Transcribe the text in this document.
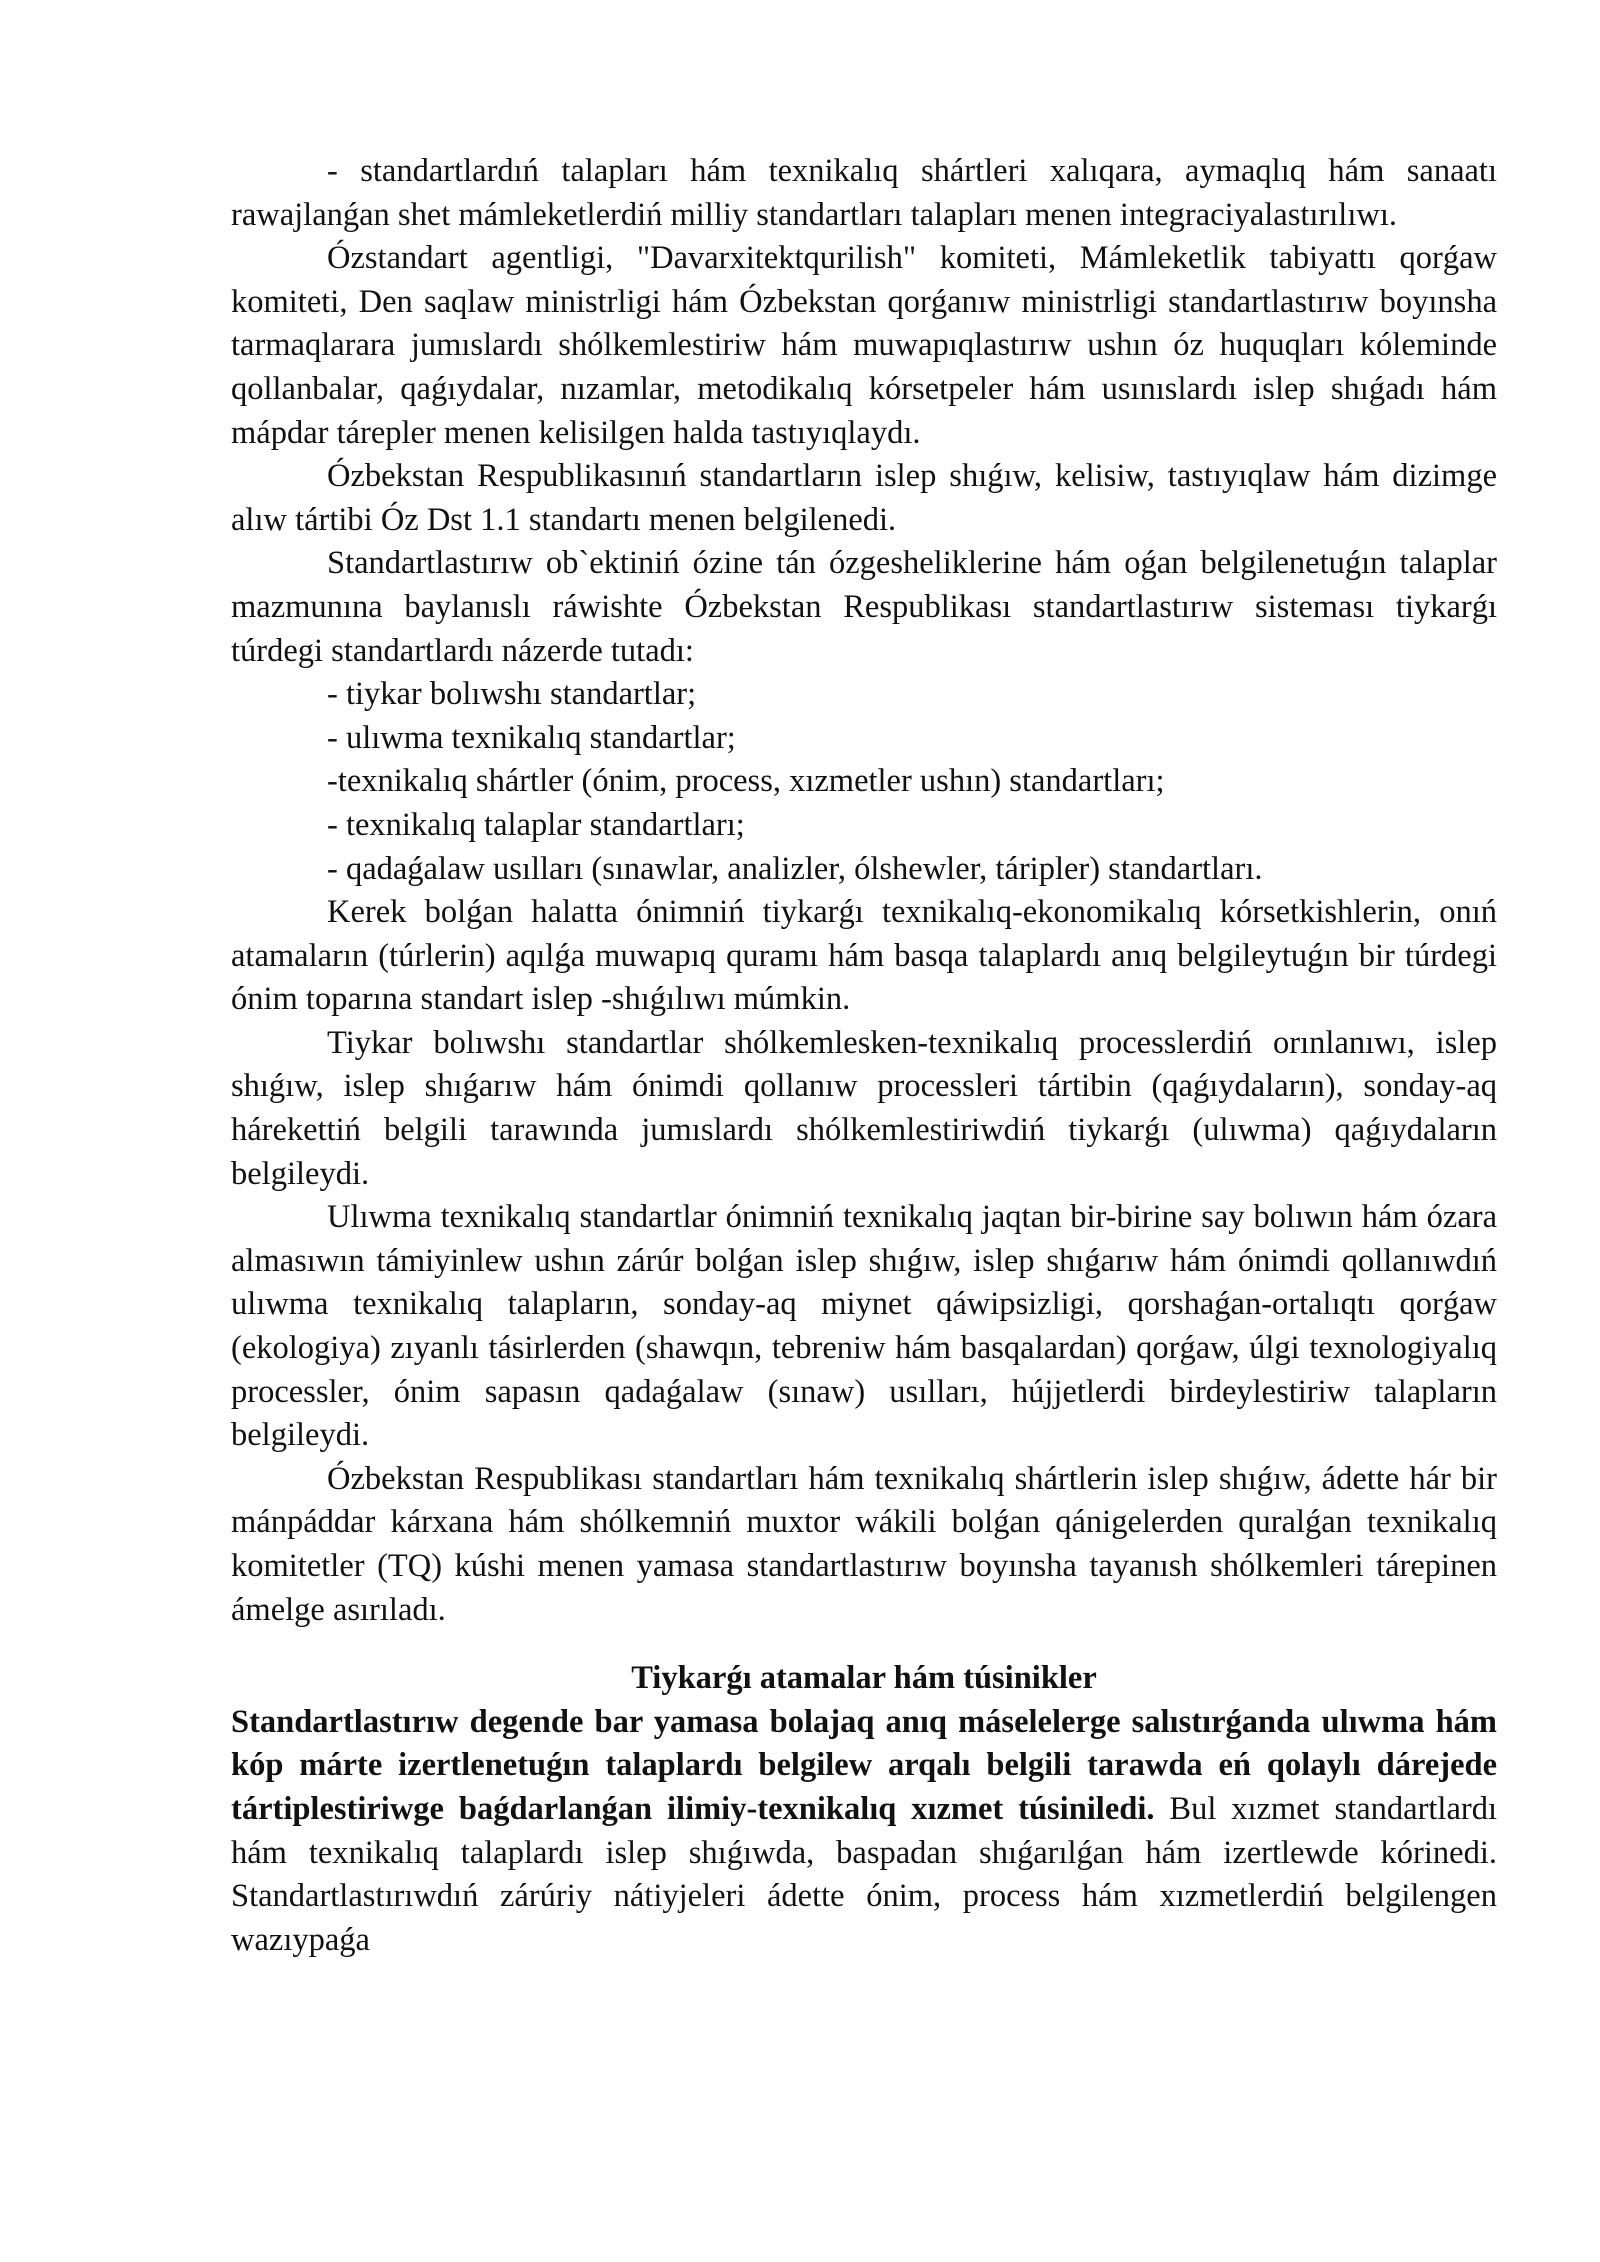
- standartlardıń talapları hám texnikalıq shártleri xalıqara, aymaqlıq hám sanaatı rawajlanǵan shet mámleketlerdiń milliy standartları talapları menen integraciyalastırılıwı.

Ózstandart agentligi, "Davarxitektqurilish" komiteti, Mámleketlik tabiyattı qorǵaw komiteti, Den saqlaw ministrligi hám Ózbekstan qorǵanıw ministrligi standartlastırıw boyınsha tarmaqlarara jumıslardı shólkemlestiriw hám muwapıqlastırıw ushın óz huquqları kóleminde qollanbalar, qaǵıydalar, nızamlar, metodikalıq kórsetpeler hám usınıslardı islep shıǵadı hám mápdar tárepler menen kelisilgen halda tastıyıqlaydı.

Ózbekstan Respublikasınıń standartların islep shıǵıw, kelisiw, tastıyıqlaw hám dizimge alıw tártibi Óz Dst 1.1 standartı menen belgilenedi.

Standartlastırıw ob`ektiniń ózine tán ózgesheliklerine hám oǵan belgilenetuǵın talaplar mazmunına baylanıslı ráwishte Ózbekstan Respublikası standartlastırıw sisteması tiykarǵı túrdegi standartlardı názerde tutadı:

- tiykar bolıwshı standartlar;

- ulıwma texnikalıq standartlar;

-texnikalıq shártler (ónim, process, xızmetler ushın) standartları;

- texnikalıq talaplar standartları;

- qadaǵalaw usılları (sınawlar, analizler, ólshewler, táripler) standartları.

Kerek bolǵan halatta ónimniń tiykarǵı texnikalıq-ekonomikalıq kórsetkishlerin, onıń atamaların (túrlerin) aqılǵa muwapıq quramı hám basqa talaplardı anıq belgileytuǵın bir túrdegi ónim toparına standart islep -shıǵılıwı múmkin.

Tiykar bolıwshı standartlar shólkemlesken-texnikalıq processlerdiń orınlanıwı, islep shıǵıw, islep shıǵarıw hám ónimdi qollanıw processleri tártibin (qaǵıydaların), sonday-aq hárekettiń belgili tarawında jumıslardı shólkemlestiriwdiń tiykarǵı (ulıwma) qaǵıydaların belgileydi.

Ulıwma texnikalıq standartlar ónimniń texnikalıq jaqtan bir-birine say bolıwın hám ózara almasıwın támiyinlew ushın zárúr bolǵan islep shıǵıw, islep shıǵarıw hám ónimdi qollanıwdıń ulıwma texnikalıq talapların, sonday-aq miynet qáwipsizligi, qorshaǵan-ortalıqtı qorǵaw (ekologiya) zıyanlı tásirlerden (shawqın, tebreniw hám basqalardan) qorǵaw, úlgi texnologiyalıq processler, ónim sapasın qadaǵalaw (sınaw) usılları, hújjetlerdi birdeylestiriw talapların belgileydi.

Ózbekstan Respublikası standartları hám texnikalıq shártlerin islep shıǵıw, ádette hár bir mánpáddar kárxana hám shólkemniń muxtor wákili bolǵan qánigelerden quralǵan texnikalıq komitetler (TQ) kúshi menen yamasa standartlastırıw boyınsha tayanısh shólkemleri tárepinen ámelge asırıladı.

Tiykarǵı atamalar hám túsinikler

Standartlastırıw degende bar yamasa bolajaq anıq máselelerge salıstırǵanda ulıwma hám kóp márte izertlenetuǵın talaplardı belgilew arqalı belgili tarawda eń qolaylı dárejede tártiplestiriwge baǵdarlanǵan ilimiy-texnikalıq xızmet túsiniledi. Bul xızmet standartlardı hám texnikalıq talaplardı islep shıǵıwda, baspadan shıǵarılǵan hám izertlewde kórinedi. Standartlastırıwdıń zárúriy nátiyjeleri ádette ónim, process hám xızmetlerdiń belgilengen wazıypaǵa
